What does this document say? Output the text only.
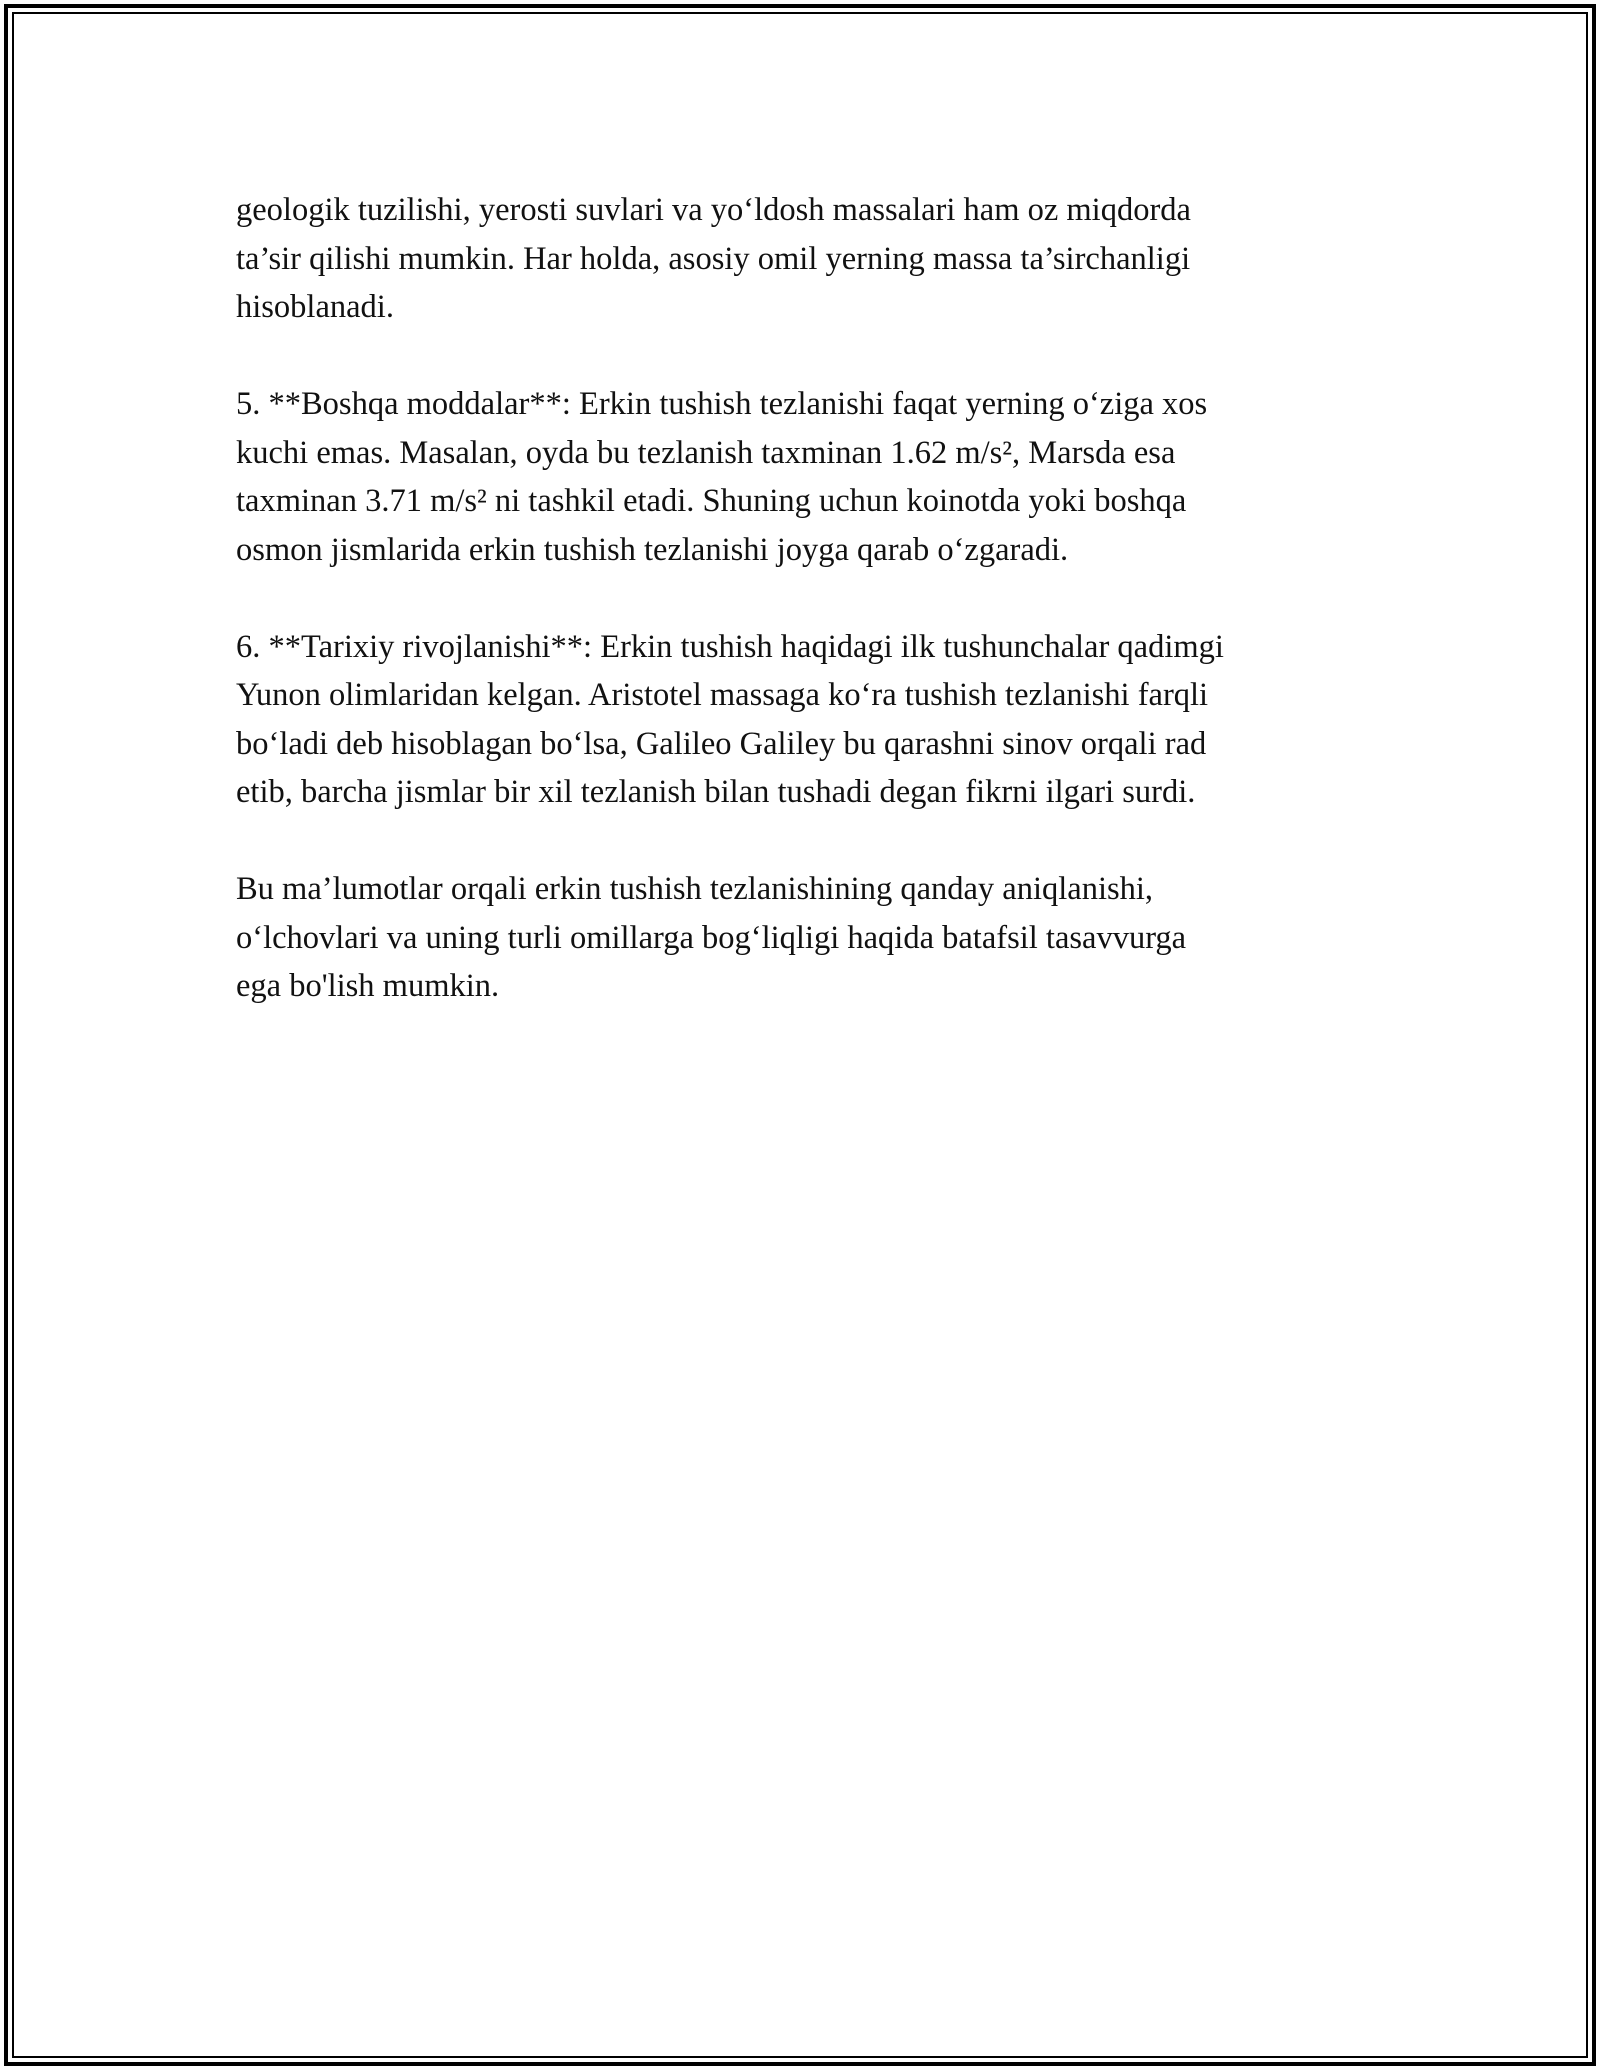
geologik tuzilishi, yerosti suvlari va yo‘ldosh massalari ham oz miqdorda
ta’sir qilishi mumkin. Har holda, asosiy omil yerning massa ta’sirchanligi
hisoblanadi.

5. **Boshqa moddalar**: Erkin tushish tezlanishi faqat yerning o‘ziga xos
kuchi emas. Masalan, oyda bu tezlanish taxminan 1.62 m/s², Marsda esa
taxminan 3.71 m/s² ni tashkil etadi. Shuning uchun koinotda yoki boshqa
osmon jismlarida erkin tushish tezlanishi joyga qarab o‘zgaradi.

6. **Tarixiy rivojlanishi**: Erkin tushish haqidagi ilk tushunchalar qadimgi
Yunon olimlaridan kelgan. Aristotel massaga ko‘ra tushish tezlanishi farqli
bo‘ladi deb hisoblagan bo‘lsa, Galileo Galiley bu qarashni sinov orqali rad
etib, barcha jismlar bir xil tezlanish bilan tushadi degan fikrni ilgari surdi.

Bu ma’lumotlar orqali erkin tushish tezlanishining qanday aniqlanishi,
o‘lchovlari va uning turli omillarga bog‘liqligi haqida batafsil tasavvurga
ega bo'lish mumkin.
